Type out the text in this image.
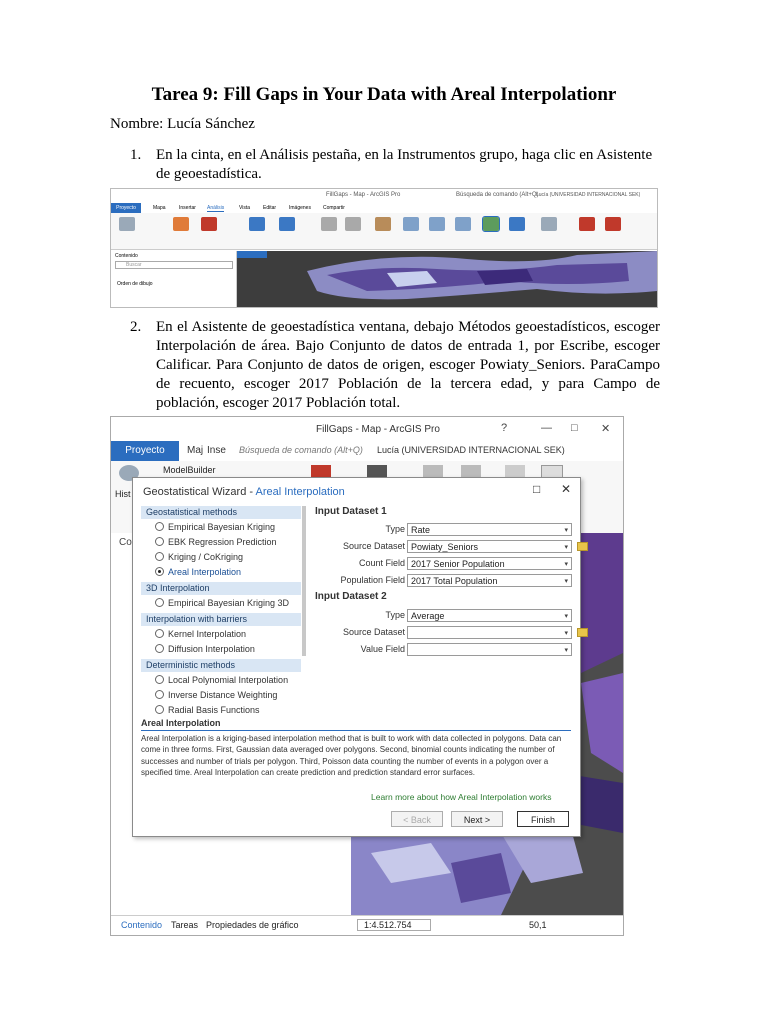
Tarea 9: Fill Gaps in Your Data with Areal Interpolationr
Nombre: Lucía Sánchez
1. En la cinta, en el Análisis pestaña, en la Instrumentos grupo, haga clic en Asistente de geoestadística.
FillGaps - Map - ArcGIS Pro	Búsqueda de comando (Alt+Q)
Lucía (UNIVERSIDAD INTERNACIONAL SEK)
Mapa	Insertar Análisis	Vista	Editar	Imágenes Compartir
Proyecto
Contenido
Buscar
Orden de dibujo
2. En el Asistente de geoestadística ventana, debajo Métodos geoestadísticos, escoger Interpolación de área. Bajo Conjunto de datos de entrada 1, por Escribe, escoger Calificar. Para Conjunto de datos de origen, escoger Powiaty_Seniors. ParaCampo de recuento, escoger 2017 Población de la tercera edad, y para Campo de población, escoger 2017 Población total.
FillGaps - Map - ArcGIS Pro	?	— □ ✕
Proyecto	Maj Inse Búsqueda de comando (Alt+Q) Lucía (UNIVERSIDAD INTERNACIONAL SEK)
ModelBuilder
Hist
Co
Contenido Tareas Propiedades de gráfico	1:4.512.754	50,1
Geostatistical Wizard - Areal Interpolation	□ ✕
Geostatistical methods
Empirical Bayesian Kriging
EBK Regression Prediction
Kriging / CoKriging
Areal Interpolation
3D Interpolation
Empirical Bayesian Kriging 3D
Interpolation with barriers
Kernel Interpolation
Diffusion Interpolation
Deterministic methods
Local Polynomial Interpolation
Inverse Distance Weighting
Radial Basis Functions
Input Dataset 1
Type Rate	▾
Source Dataset Powiaty_Seniors	▾
Count Field 2017 Senior Population	▾
Population Field 2017 Total Population	▾
Input Dataset 2
Type Average	▾
Source Dataset	▾
Value Field	▾
Areal Interpolation
Areal Interpolation is a kriging-based interpolation method that is built to work with data collected in polygons. Data can come in three forms. First, Gaussian data averaged over polygons. Second, binomial counts indicating the number of successes and number of trials per polygon. Third, Poisson data counting the number of events in a polygon over a specified time. Areal Interpolation can create prediction and prediction standard error surfaces.
Learn more about how Areal Interpolation works
< Back	Next >	Finish
